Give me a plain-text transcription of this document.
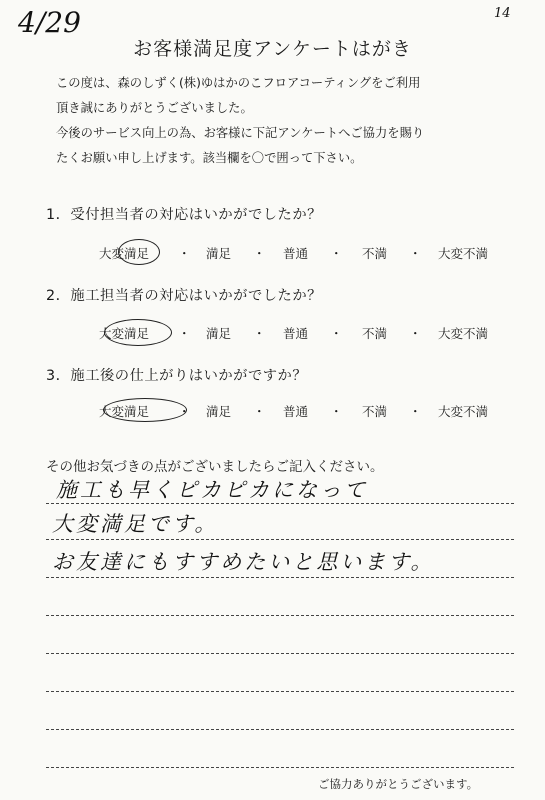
4/29	14
お客様満足度アンケートはがき
この度は、森のしずく(株)ゆはかのこフロアコーティングをご利用
頂き誠にありがとうございました。
今後のサービス向上の為、お客様に下記アンケートへご協力を賜り
たくお願い申し上げます。該当欄を〇で囲って下さい。
1．受付担当者の対応はいかがでしたか？
大変満足 ・ 満足 ・ 普通 ・ 不満 ・ 大変不満
2．施工担当者の対応はいかがでしたか？
大変満足 ・ 満足 ・ 普通 ・ 不満 ・ 大変不満
3．施工後の仕上がりはいかがですか？
大変満足 ・ 満足 ・ 普通 ・ 不満 ・ 大変不満
その他お気づきの点がございましたらご記入ください。
施工も早くピカピカになって
大変満足です。
お友達にもすすめたいと思います。
ご協力ありがとうございます。
